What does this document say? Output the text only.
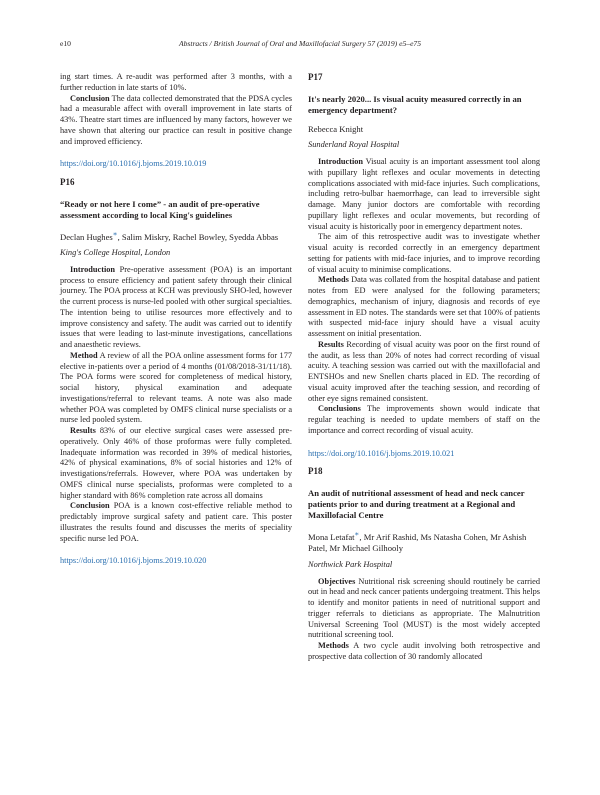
e10	Abstracts / British Journal of Oral and Maxillofacial Surgery 57 (2019) e5–e75

ing start times. A re-audit was performed after 3 months, with a further reduction in late starts of 10%.

Conclusion The data collected demonstrated that the PDSA cycles had a measurable affect with overall improvement in late starts of 43%. Theatre start times are influenced by many factors, however we have shown that altering our practice can result in positive change and improved efficiency.

https://doi.org/10.1016/j.bjoms.2019.10.019
P16
“Ready or not here I come” - an audit of pre-operative assessment according to local King's guidelines
Declan Hughes∗, Salim Miskry, Rachel Bowley, Syedda Abbas
King's College Hospital, London

Introduction Pre-operative assessment (POA) is an important process to ensure efficiency and patient safety through their clinical journey. The POA process at KCH was previously SHO-led, however the current process is nurse-led pooled with other surgical specialties. The intention being to utilise resources more effectively and to improve consistency and safety. The audit was carried out to identify issues that were leading to last-minute investigations, cancellations and anaesthetic reviews.

Method A review of all the POA online assessment forms for 177 elective in-patients over a period of 4 months (01/08/2018-31/11/18). The POA forms were scored for completeness of medical history, social history, physical examination and adequate investigations/referral to relevant teams. A note was also made whether POA was completed by OMFS clinical nurse specialists or a nurse led pooled system.

Results 83% of our elective surgical cases were assessed pre-operatively. Only 46% of those proformas were fully completed. Inadequate information was recorded in 39% of medical histories, 42% of physical examinations, 8% of social histories and 12% of investigations/referrals. However, where POA was undertaken by OMFS clinical nurse specialists, proformas were completed to a higher standard with 86% completion rate across all domains

Conclusion POA is a known cost-effective reliable method to predictably improve surgical safety and patient care. This poster illustrates the results found and discusses the merits of speciality specific nurse led POA.

https://doi.org/10.1016/j.bjoms.2019.10.020
P17
It's nearly 2020... Is visual acuity measured correctly in an emergency department?
Rebecca Knight
Sunderland Royal Hospital

Introduction Visual acuity is an important assessment tool along with pupillary light reflexes and ocular movements in detecting complications associated with mid-face injuries. Such complications, including retro-bulbar haemorrhage, can lead to irreversible sight damage. Many junior doctors are comfortable with recording pupillary light reflexes and ocular movements, but recording of visual acuity is historically poor in emergency department notes.

The aim of this retrospective audit was to investigate whether visual acuity is recorded correctly in an emergency department setting for patients with mid-face injuries, and to improve recording of visual acuity to minimise complications.

Methods Data was collated from the hospital database and patient notes from ED were analysed for the following parameters; demographics, mechanism of injury, diagnosis and records of eye assessment in ED notes. The standards were set that 100% of patients with suspected mid-face injury should have a visual acuity assessment on initial presentation.

Results Recording of visual acuity was poor on the first round of the audit, as less than 20% of notes had correct recording of visual acuity. A teaching session was carried out with the maxillofacial and ENTSHOs and new Snellen charts placed in ED. The recording of visual acuity improved after the teaching session, and recording of other eye signs remained consistent.

Conclusions The improvements shown would indicate that regular teaching is needed to update members of staff on the importance and correct recording of visual acuity.

https://doi.org/10.1016/j.bjoms.2019.10.021
P18
An audit of nutritional assessment of head and neck cancer patients prior to and during treatment at a Regional and Maxillofacial Centre
Mona Letafat∗, Mr Arif Rashid, Ms Natasha Cohen, Mr Ashish Patel, Mr Michael Gilhooly
Northwick Park Hospital

Objectives Nutritional risk screening should routinely be carried out in head and neck cancer patients undergoing treatment. This helps to identify and monitor patients in need of nutritional support and trigger referrals to dieticians as appropriate. The Malnutrition Universal Screening Tool (MUST) is the most widely accepted nutritional screening tool.

Methods A two cycle audit involving both retrospective and prospective data collection of 30 randomly allocated
